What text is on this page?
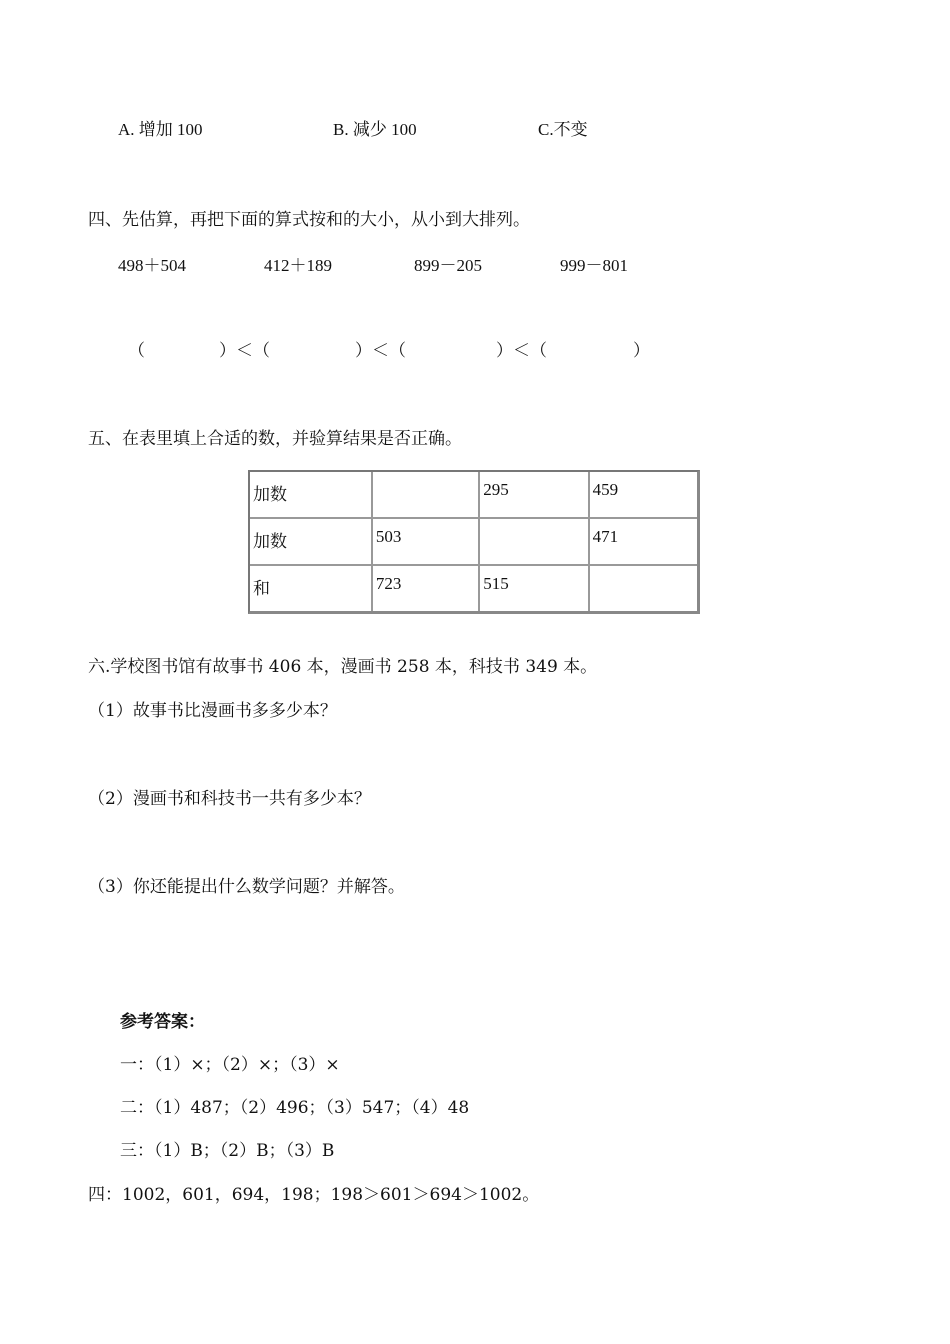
A. 增加 100	B. 减少 100	C.不变
四、先估算，再把下面的算式按和的大小，从小到大排列。
498＋504	412＋189	899－205	999－801
（	）＜（	）＜（	）＜（	）
五、在表里填上合适的数，并验算结果是否正确。
加数		295	459
加数	503		471
和	723	515	
六.学校图书馆有故事书 406 本，漫画书 258 本，科技书 349 本。
（1）故事书比漫画书多多少本？
（2）漫画书和科技书一共有多少本？
（3）你还能提出什么数学问题？并解答。
参考答案：
一：（1）×；（2）×；（3）×
二：（1）487；（2）496；（3）547；（4）48
三：（1）B；（2）B；（3）B
四：1002，601，694，198；198＞601＞694＞1002。
